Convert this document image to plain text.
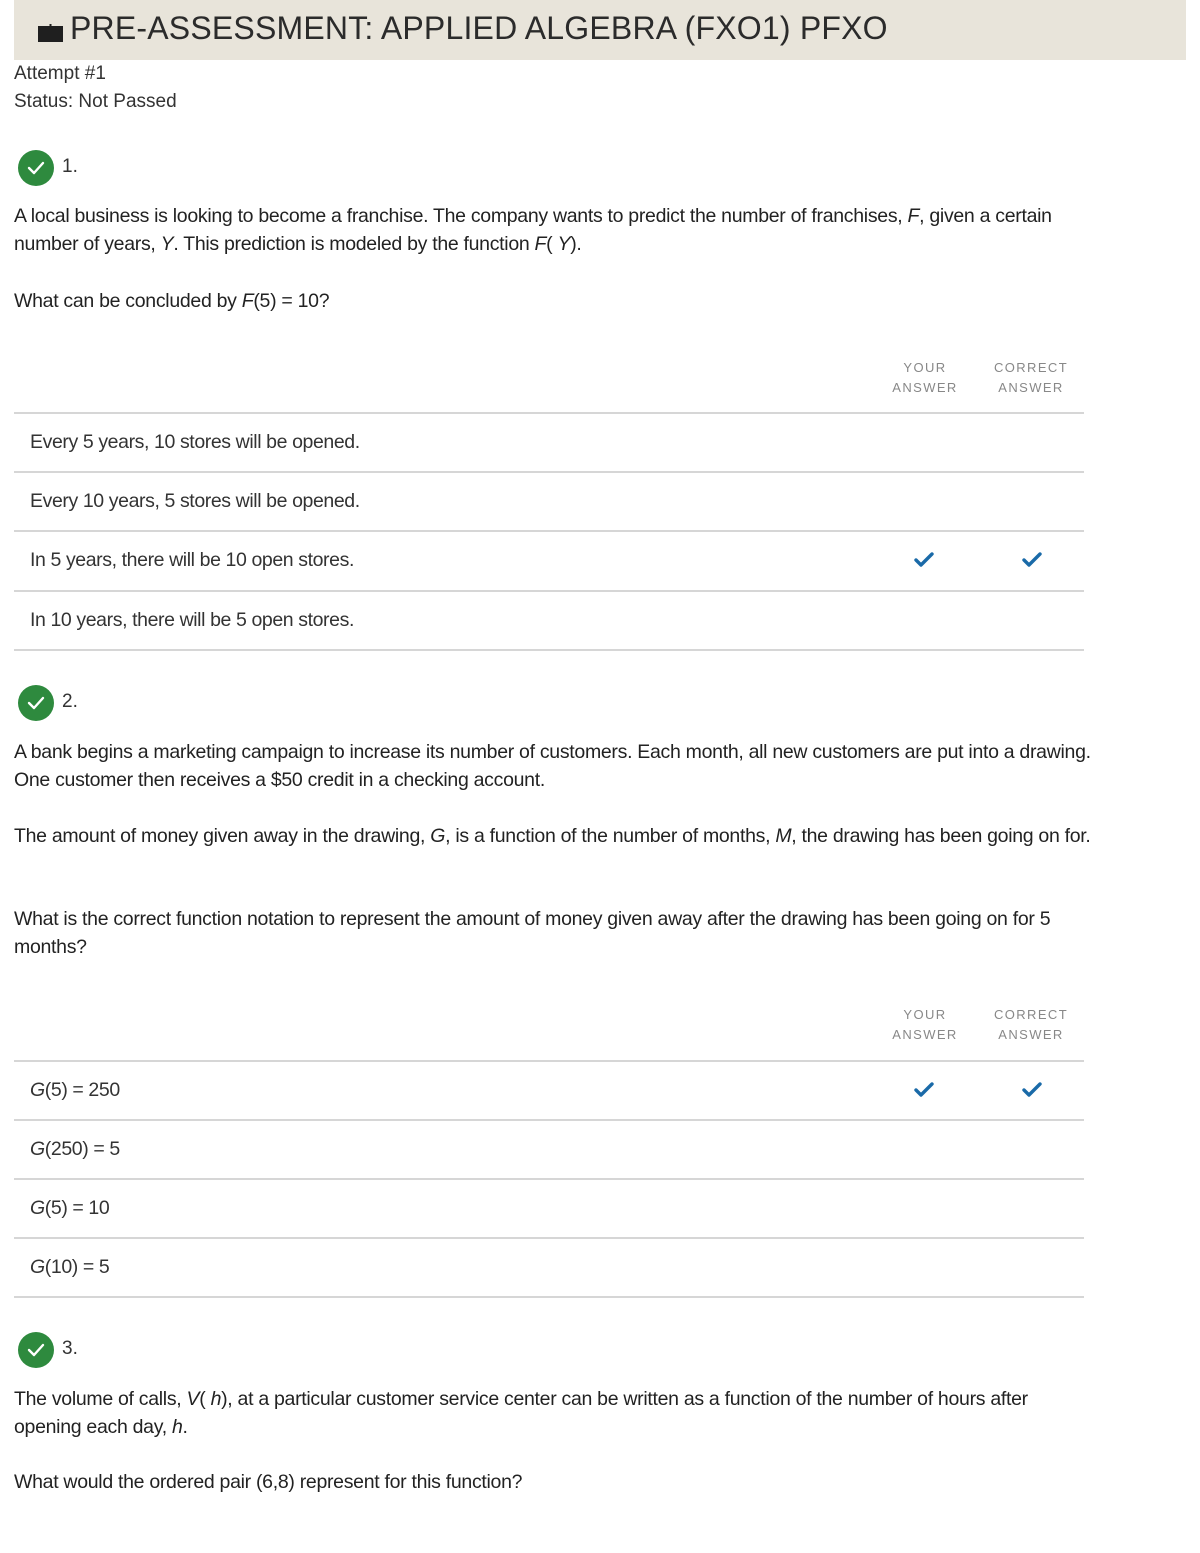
PRE-ASSESSMENT: APPLIED ALGEBRA (FXO1) PFXO
Attempt #1
Status: Not Passed
1.
A local business is looking to become a franchise. The company wants to predict the number of franchises, F, given a certain number of years, Y. This prediction is modeled by the function F( Y).
What can be concluded by F(5) = 10?
YOUR
ANSWER
CORRECT
ANSWER
Every 5 years, 10 stores will be opened.
Every 10 years, 5 stores will be opened.
In 5 years, there will be 10 open stores.
In 10 years, there will be 5 open stores.
2.
A bank begins a marketing campaign to increase its number of customers. Each month, all new customers are put into a drawing. One customer then receives a $50 credit in a checking account.
The amount of money given away in the drawing, G, is a function of the number of months, M, the drawing has been going on for.
What is the correct function notation to represent the amount of money given away after the drawing has been going on for 5 months?
YOUR
ANSWER
CORRECT
ANSWER
G(5) = 250
G(250) = 5
G(5) = 10
G(10) = 5
3.
The volume of calls, V( h), at a particular customer service center can be written as a function of the number of hours after opening each day, h.
What would the ordered pair (6,8) represent for this function?
